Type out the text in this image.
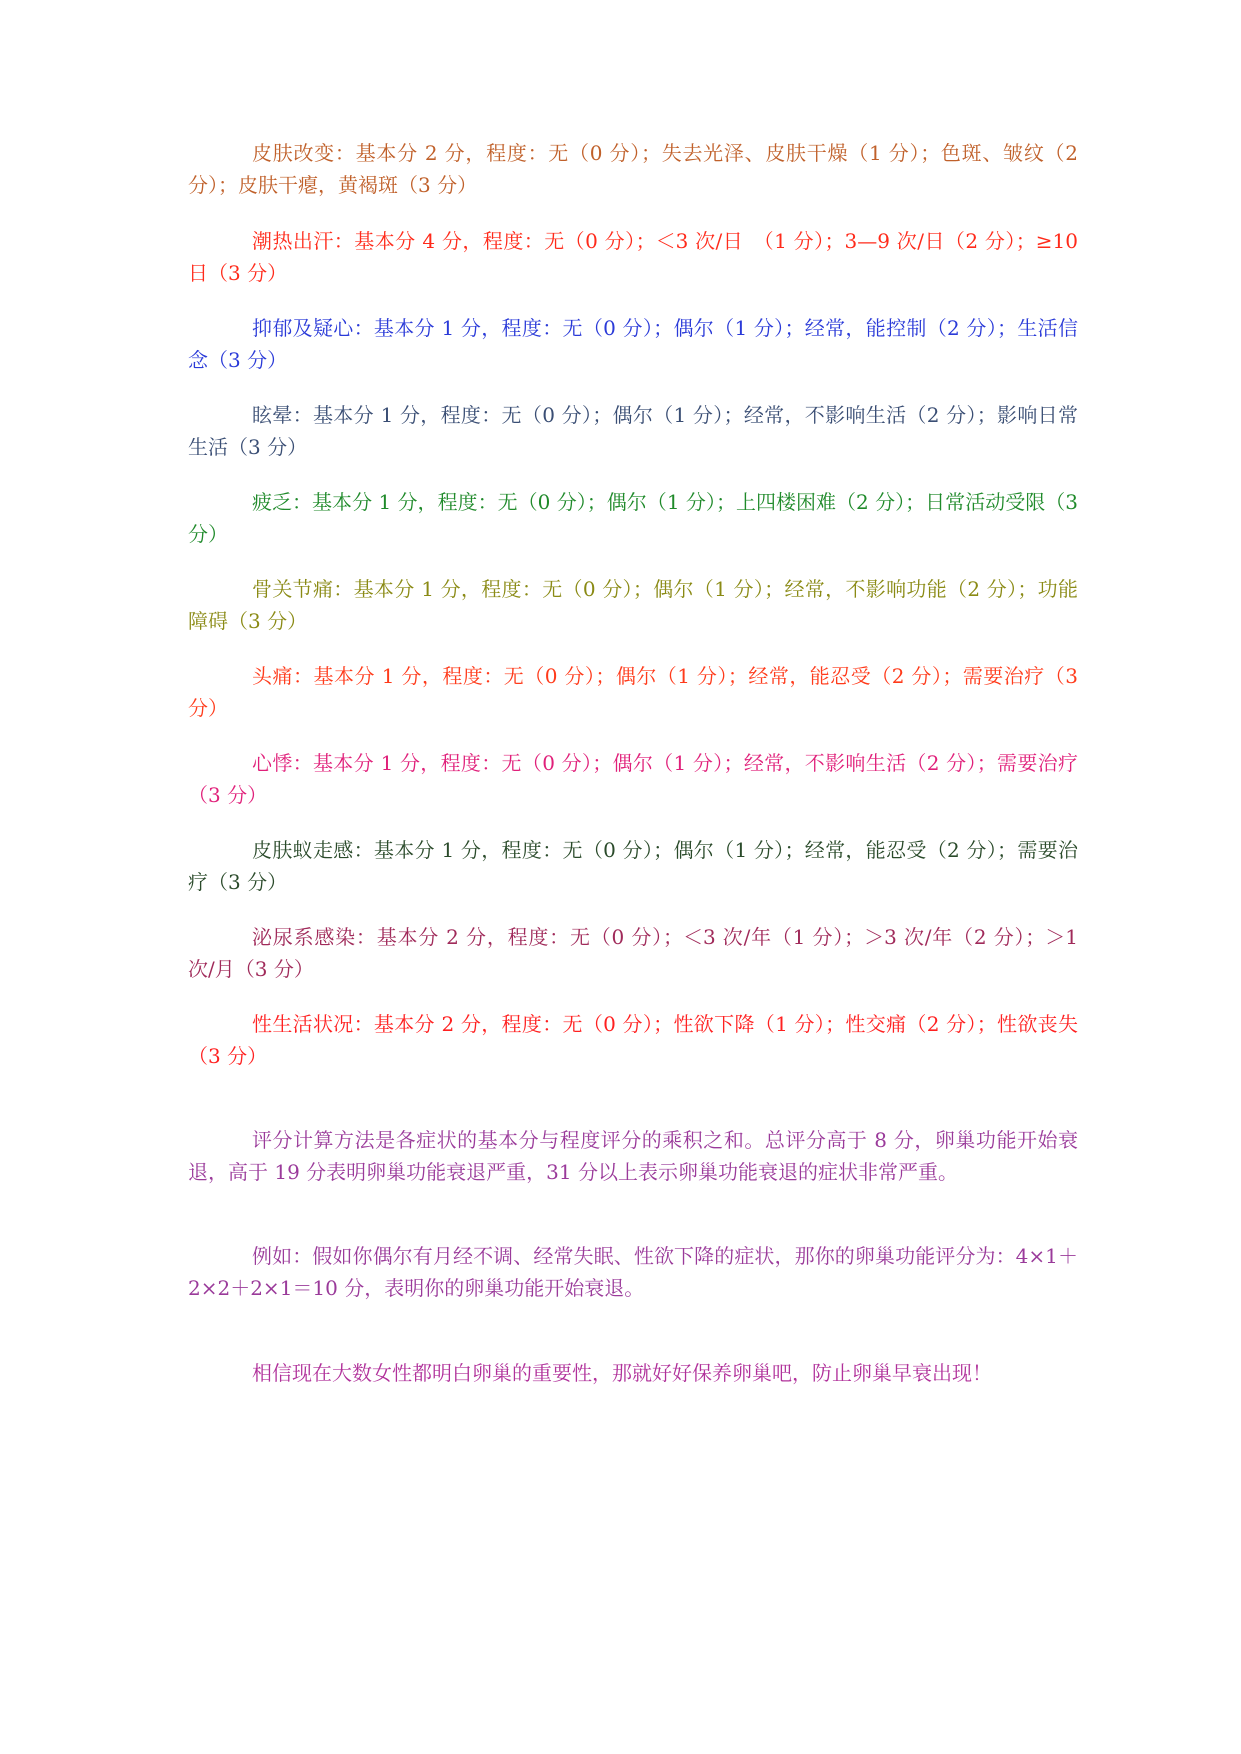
皮肤改变：基本分 2 分，程度：无（0 分）；失去光泽、皮肤干燥（1 分）；色斑、皱纹（2 分）；皮肤干瘪，黄褐斑（3 分）

潮热出汗：基本分 4 分，程度：无（0 分）；＜3 次/日　（1 分）；3—9 次/日（2 分）；≥10 日（3 分）

抑郁及疑心：基本分 1 分，程度：无（0 分）；偶尔（1 分）；经常，能控制（2 分）；生活信念（3 分）

眩晕：基本分 1 分，程度：无（0 分）；偶尔（1 分）；经常，不影响生活（2 分）；影响日常生活（3 分）

疲乏：基本分 1 分，程度：无（0 分）；偶尔（1 分）；上四楼困难（2 分）；日常活动受限（3 分）

骨关节痛：基本分 1 分，程度：无（0 分）；偶尔（1 分）；经常，不影响功能（2 分）；功能障碍（3 分）

头痛：基本分 1 分，程度：无（0 分）；偶尔（1 分）；经常，能忍受（2 分）；需要治疗（3 分）

心悸：基本分 1 分，程度：无（0 分）；偶尔（1 分）；经常，不影响生活（2 分）；需要治疗（3 分）

皮肤蚁走感：基本分 1 分，程度：无（0 分）；偶尔（1 分）；经常，能忍受（2 分）；需要治疗（3 分）

泌尿系感染：基本分 2 分，程度：无（0 分）；＜3 次/年（1 分）；＞3 次/年（2 分）；＞1 次/月（3 分）

性生活状况：基本分 2 分，程度：无（0 分）；性欲下降（1 分）；性交痛（2 分）；性欲丧失（3 分）

评分计算方法是各症状的基本分与程度评分的乘积之和。总评分高于 8 分，卵巢功能开始衰退，高于 19 分表明卵巢功能衰退严重，31 分以上表示卵巢功能衰退的症状非常严重。

例如：假如你偶尔有月经不调、经常失眠、性欲下降的症状，那你的卵巢功能评分为：4×1＋2×2＋2×1＝10 分，表明你的卵巢功能开始衰退。

相信现在大数女性都明白卵巢的重要性，那就好好保养卵巢吧，防止卵巢早衰出现！
